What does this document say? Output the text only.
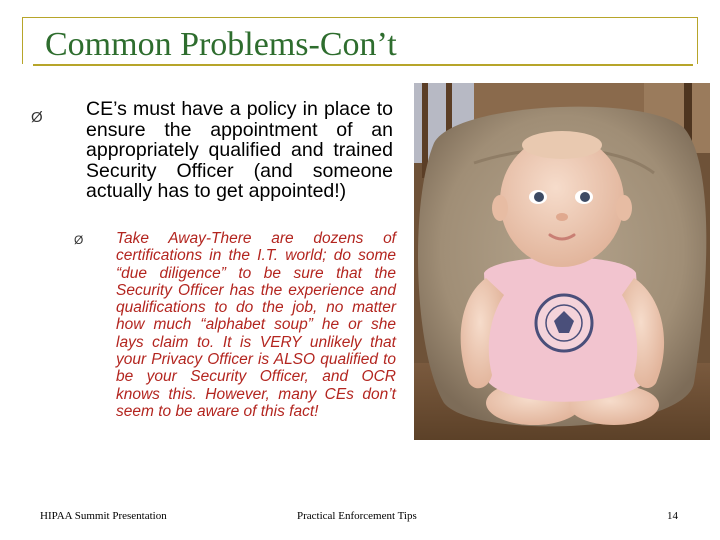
Common Problems-Con’t
Ø CE’s must have a policy in place to ensure the appointment of an appropriately qualified and trained Security Officer (and someone actually has to get appointed!)

Ø Take Away-There are dozens of certifications in the I.T. world; do some “due diligence” to be sure that the Security Officer has the experience and qualifications to do the job, no matter how much “alphabet soup” he or she lays claim to. It is VERY unlikely that your Privacy Officer is ALSO qualified to be your Security Officer, and OCR knows this. However, many CEs don’t seem to be aware of this fact!

HIPAA Summit Presentation	Practical Enforcement Tips	14
